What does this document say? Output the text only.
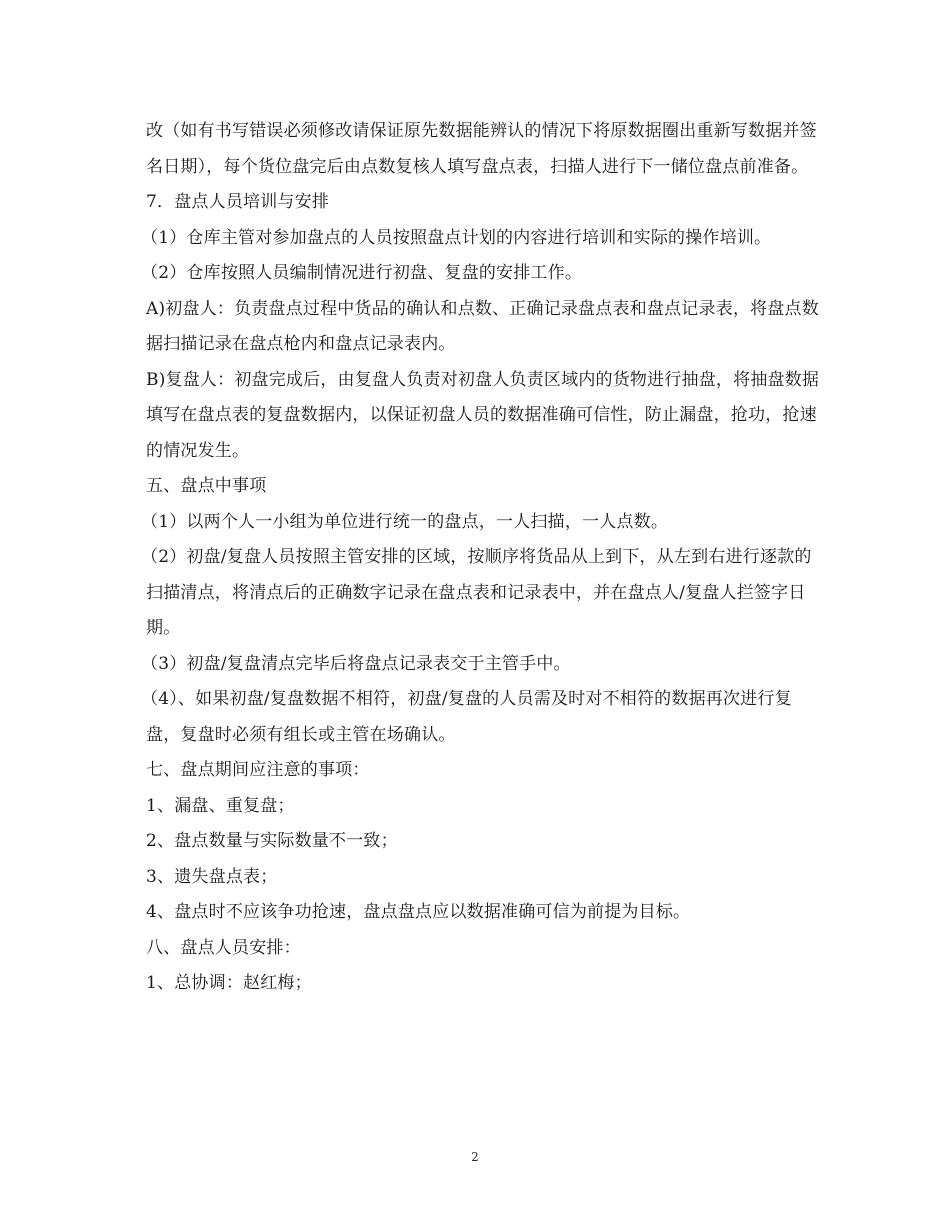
改（如有书写错误必须修改请保证原先数据能辨认的情况下将原数据圈出重新写数据并签名日期），每个货位盘完后由点数复核人填写盘点表，扫描人进行下一储位盘点前准备。

7．盘点人员培训与安排

（1）仓库主管对参加盘点的人员按照盘点计划的内容进行培训和实际的操作培训。

（2）仓库按照人员编制情况进行初盘、复盘的安排工作。

A)初盘人：负责盘点过程中货品的确认和点数、正确记录盘点表和盘点记录表，将盘点数据扫描记录在盘点枪内和盘点记录表内。

B)复盘人：初盘完成后，由复盘人负责对初盘人负责区域内的货物进行抽盘，将抽盘数据填写在盘点表的复盘数据内，以保证初盘人员的数据准确可信性，防止漏盘，抢功，抢速的情况发生。

五、盘点中事项

（1）以两个人一小组为单位进行统一的盘点，一人扫描，一人点数。

（2）初盘/复盘人员按照主管安排的区域，按顺序将货品从上到下，从左到右进行逐款的扫描清点，将清点后的正确数字记录在盘点表和记录表中，并在盘点人/复盘人拦签字日期。

（3）初盘/复盘清点完毕后将盘点记录表交于主管手中。

（4）、如果初盘/复盘数据不相符，初盘/复盘的人员需及时对不相符的数据再次进行复盘，复盘时必须有组长或主管在场确认。

七、盘点期间应注意的事项：

1、漏盘、重复盘；

2、盘点数量与实际数量不一致；

3、遗失盘点表；

4、盘点时不应该争功抢速，盘点盘点应以数据准确可信为前提为目标。

八、盘点人员安排：

1、总协调：赵红梅；

2
